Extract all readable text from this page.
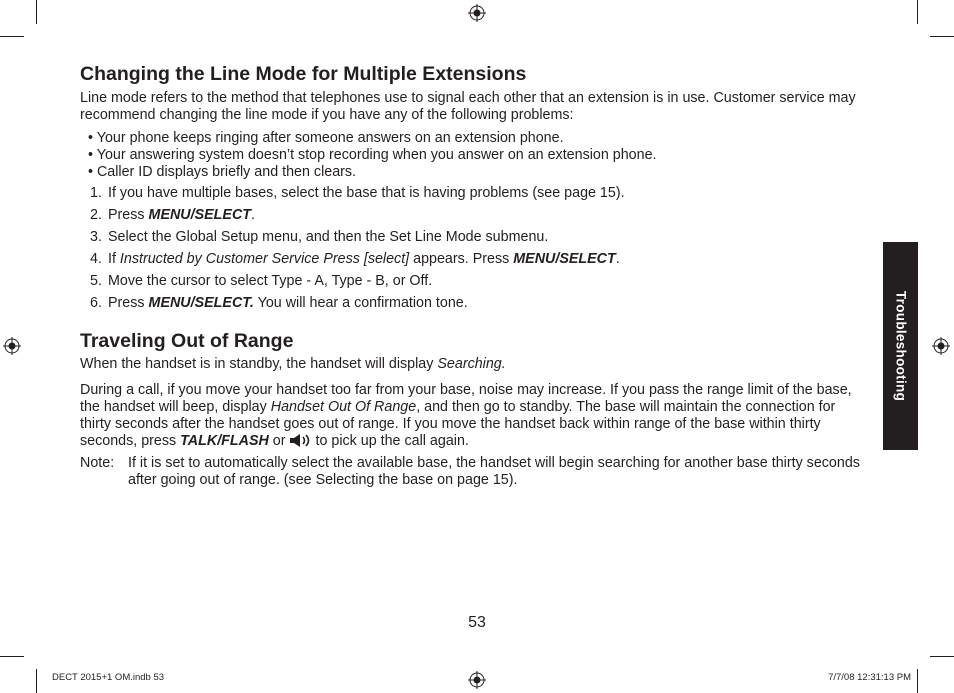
Changing the Line Mode for Multiple Extensions

Line mode refers to the method that telephones use to signal each other that an extension is in use. Customer service may recommend changing the line mode if you have any of the following problems:

• Your phone keeps ringing after someone answers on an extension phone.
• Your answering system doesn’t stop recording when you answer on an extension phone.
• Caller ID displays briefly and then clears.
1. If you have multiple bases, select the base that is having problems (see page 15).
2. Press MENU/SELECT.
3. Select the Global Setup menu, and then the Set Line Mode submenu.
4. If Instructed by Customer Service Press [select] appears. Press MENU/SELECT.
5. Move the cursor to select Type - A, Type - B, or Off.
6. Press MENU/SELECT. You will hear a confirmation tone.
Traveling Out of Range

When the handset is in standby, the handset will display Searching.

During a call, if you move your handset too far from your base, noise may increase. If you pass the range limit of the base, the handset will beep, display Handset Out Of Range, and then go to standby. The base will maintain the connection for thirty seconds after the handset goes out of range. If you move the handset back within range of the base within thirty seconds, press TALK/FLASH or  to pick up the call again.

Note: If it is set to automatically select the available base, the handset will begin searching for another base thirty seconds after going out of range. (see Selecting the base on page 15).
Troubleshooting
53
DECT 2015+1 OM.indb 53	7/7/08 12:31:13 PM
